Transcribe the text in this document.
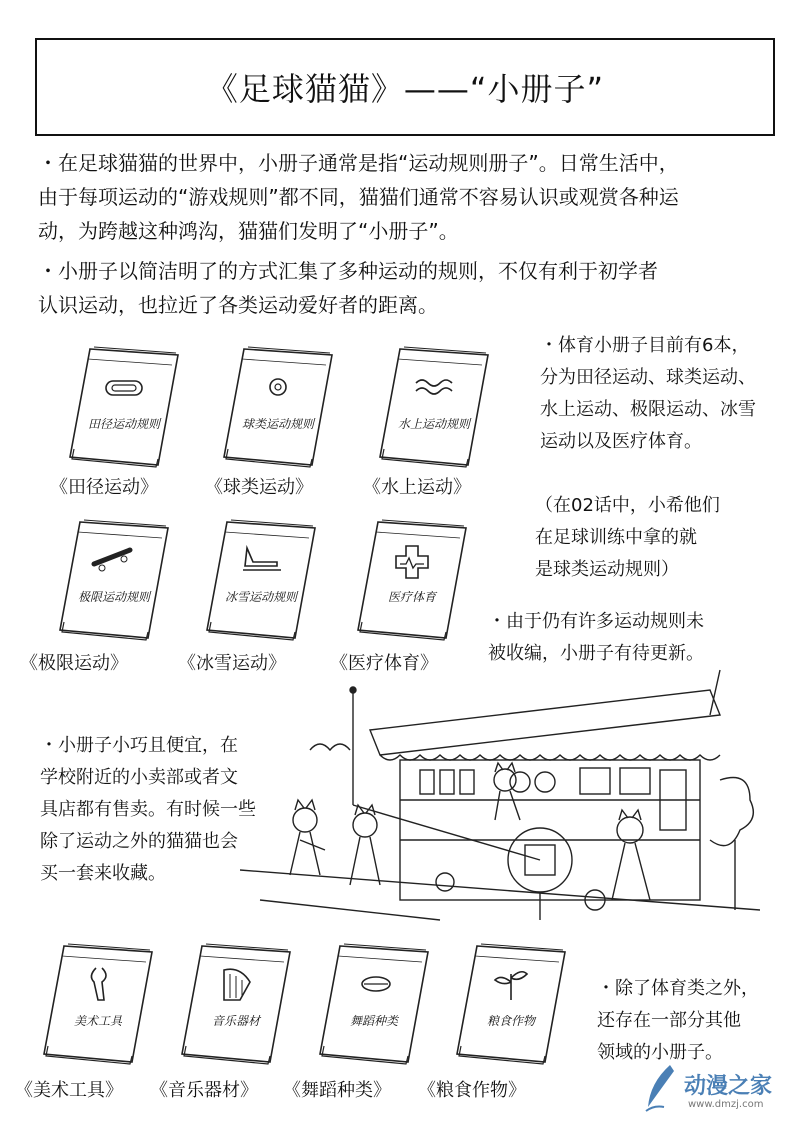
《足球猫猫》——“小册子”
・在足球猫猫的世界中，小册子通常是指“运动规则册子”。日常生活中，
由于每项运动的“游戏规则”都不同，猫猫们通常不容易认识或观赏各种运
动，为跨越这种鸿沟，猫猫们发明了“小册子”。
・小册子以简洁明了的方式汇集了多种运动的规则，不仅有利于初学者
认识运动，也拉近了各类运动爱好者的距离。
《田径运动》	《球类运动》	《水上运动》
《极限运动》	《冰雪运动》 《医疗体育》
《美术工具》 《音乐器材》 《舞蹈种类》 《粮食作物》
・体育小册子目前有6本，
分为田径运动、球类运动、
水上运动、极限运动、冰雪
运动以及医疗体育。
（在02话中，小希他们
在足球训练中拿的就
是球类运动规则）
・由于仍有许多运动规则未
被收编，小册子有待更新。
・小册子小巧且便宜，在
学校附近的小卖部或者文
具店都有售卖。有时候一些
除了运动之外的猫猫也会
买一套来收藏。
・除了体育类之外，
还存在一部分其他
领域的小册子。
动漫之家
www.dmzj.com
田径运动规则	球类运动规则	水上运动规则
极限运动规则	冰雪运动规则	医疗体育
美术工具	音乐器材	舞蹈种类	粮食作物
